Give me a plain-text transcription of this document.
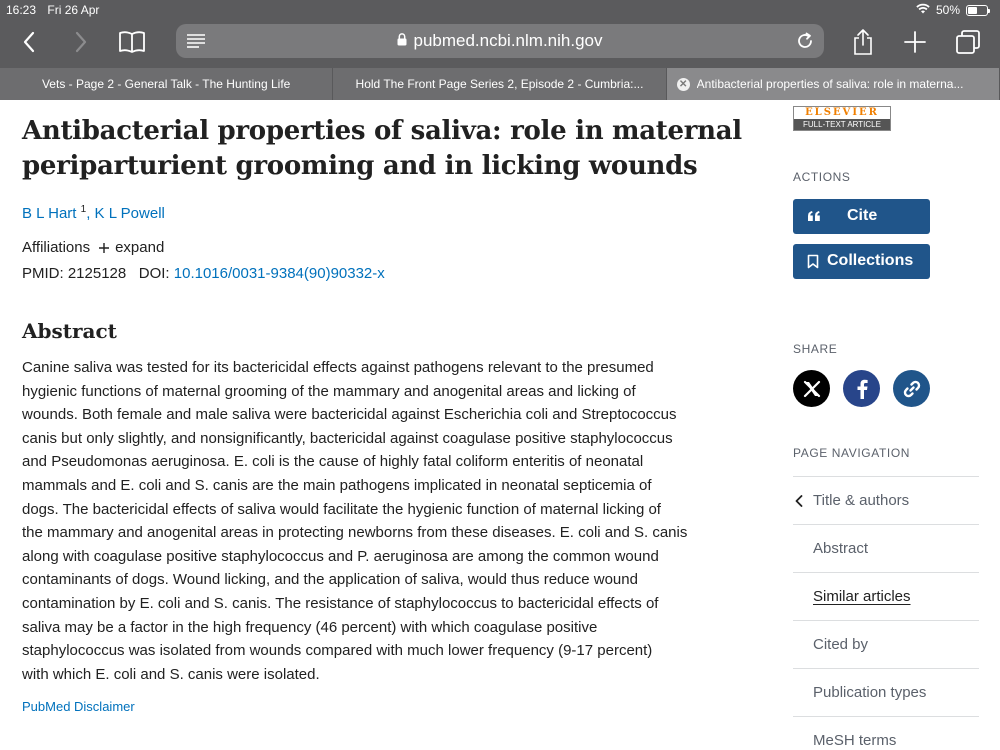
16:23 Fri 26 Apr	50%
pubmed.ncbi.nlm.nih.gov
Vets - Page 2 - General Talk - The Hunting Life	Hold The Front Page Series 2, Episode 2 - Cumbria:...	✕ Antibacterial properties of saliva: role in materna...
Antibacterial properties of saliva: role in maternal periparturient grooming and in licking wounds
B L Hart $^1$, K L Powell
Affiliations expand
PMID: 2125128 DOI: 10.1016/0031-9384(90)90332-x
Abstract
Canine saliva was tested for its bactericidal effects against pathogens relevant to the presumed
hygienic functions of maternal grooming of the mammary and anogenital areas and licking of
wounds. Both female and male saliva were bactericidal against Escherichia coli and Streptococcus
canis but only slightly, and nonsignificantly, bactericidal against coagulase positive staphylococcus
and Pseudomonas aeruginosa. E. coli is the cause of highly fatal coliform enteritis of neonatal
mammals and E. coli and S. canis are the main pathogens implicated in neonatal septicemia of
dogs. The bactericidal effects of saliva would facilitate the hygienic function of maternal licking of
the mammary and anogenital areas in protecting newborns from these diseases. E. coli and S. canis
along with coagulase positive staphylococcus and P. aeruginosa are among the common wound
contaminants of dogs. Wound licking, and the application of saliva, would thus reduce wound
contamination by E. coli and S. canis. The resistance of staphylococcus to bactericidal effects of
saliva may be a factor in the high frequency (46 percent) with which coagulase positive
staphylococcus was isolated from wounds compared with much lower frequency (9-17 percent)
with which E. coli and S. canis were isolated.
PubMed Disclaimer
ELSEVIER
FULL-TEXT ARTICLE
ACTIONS
Cite
Collections
SHARE
PAGE NAVIGATION
Title & authors
Abstract
Similar articles
Cited by
Publication types
MeSH terms
